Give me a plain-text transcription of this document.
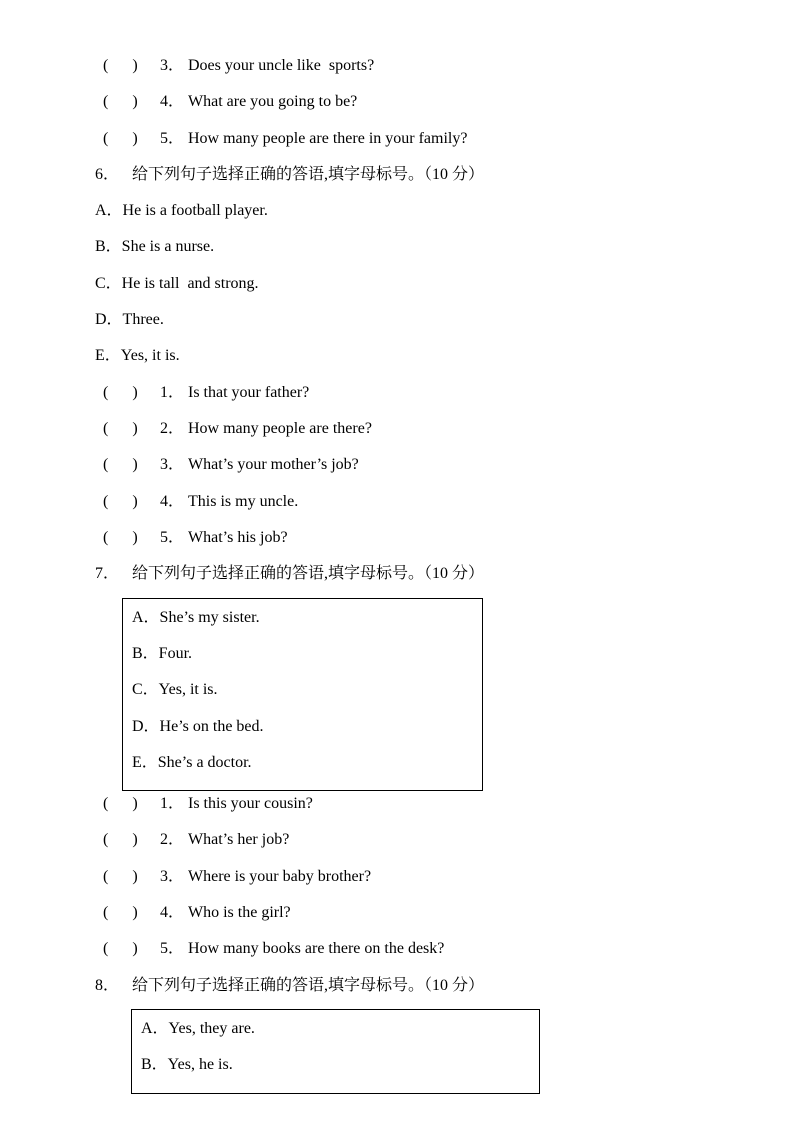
(      ) 3． Does your uncle like  sports?
(      ) 4． What are you going to be?
(      ) 5． How many people are there in your family?
6． 给下列句子选择正确的答语,填字母标号。（10 分）
A．He is a football player.
B．She is a nurse.
C．He is tall  and strong.
D．Three.
E．Yes, it is.
(      ) 1． Is that your father?
(      ) 2． How many people are there?
(      ) 3． What’s your mother’s job?
(      ) 4． This is my uncle.
(      ) 5． What’s his job?
7． 给下列句子选择正确的答语,填字母标号。（10 分）
A．She’s my sister.
B．Four.
C．Yes, it is.
D．He’s on the bed.
E．She’s a doctor.
(      ) 1． Is this your cousin?
(      ) 2． What’s her job?
(      ) 3． Where is your baby brother?
(      ) 4． Who is the girl?
(      ) 5． How many books are there on the desk?
8． 给下列句子选择正确的答语,填字母标号。（10 分）
A．Yes, they are.
B．Yes, he is.
